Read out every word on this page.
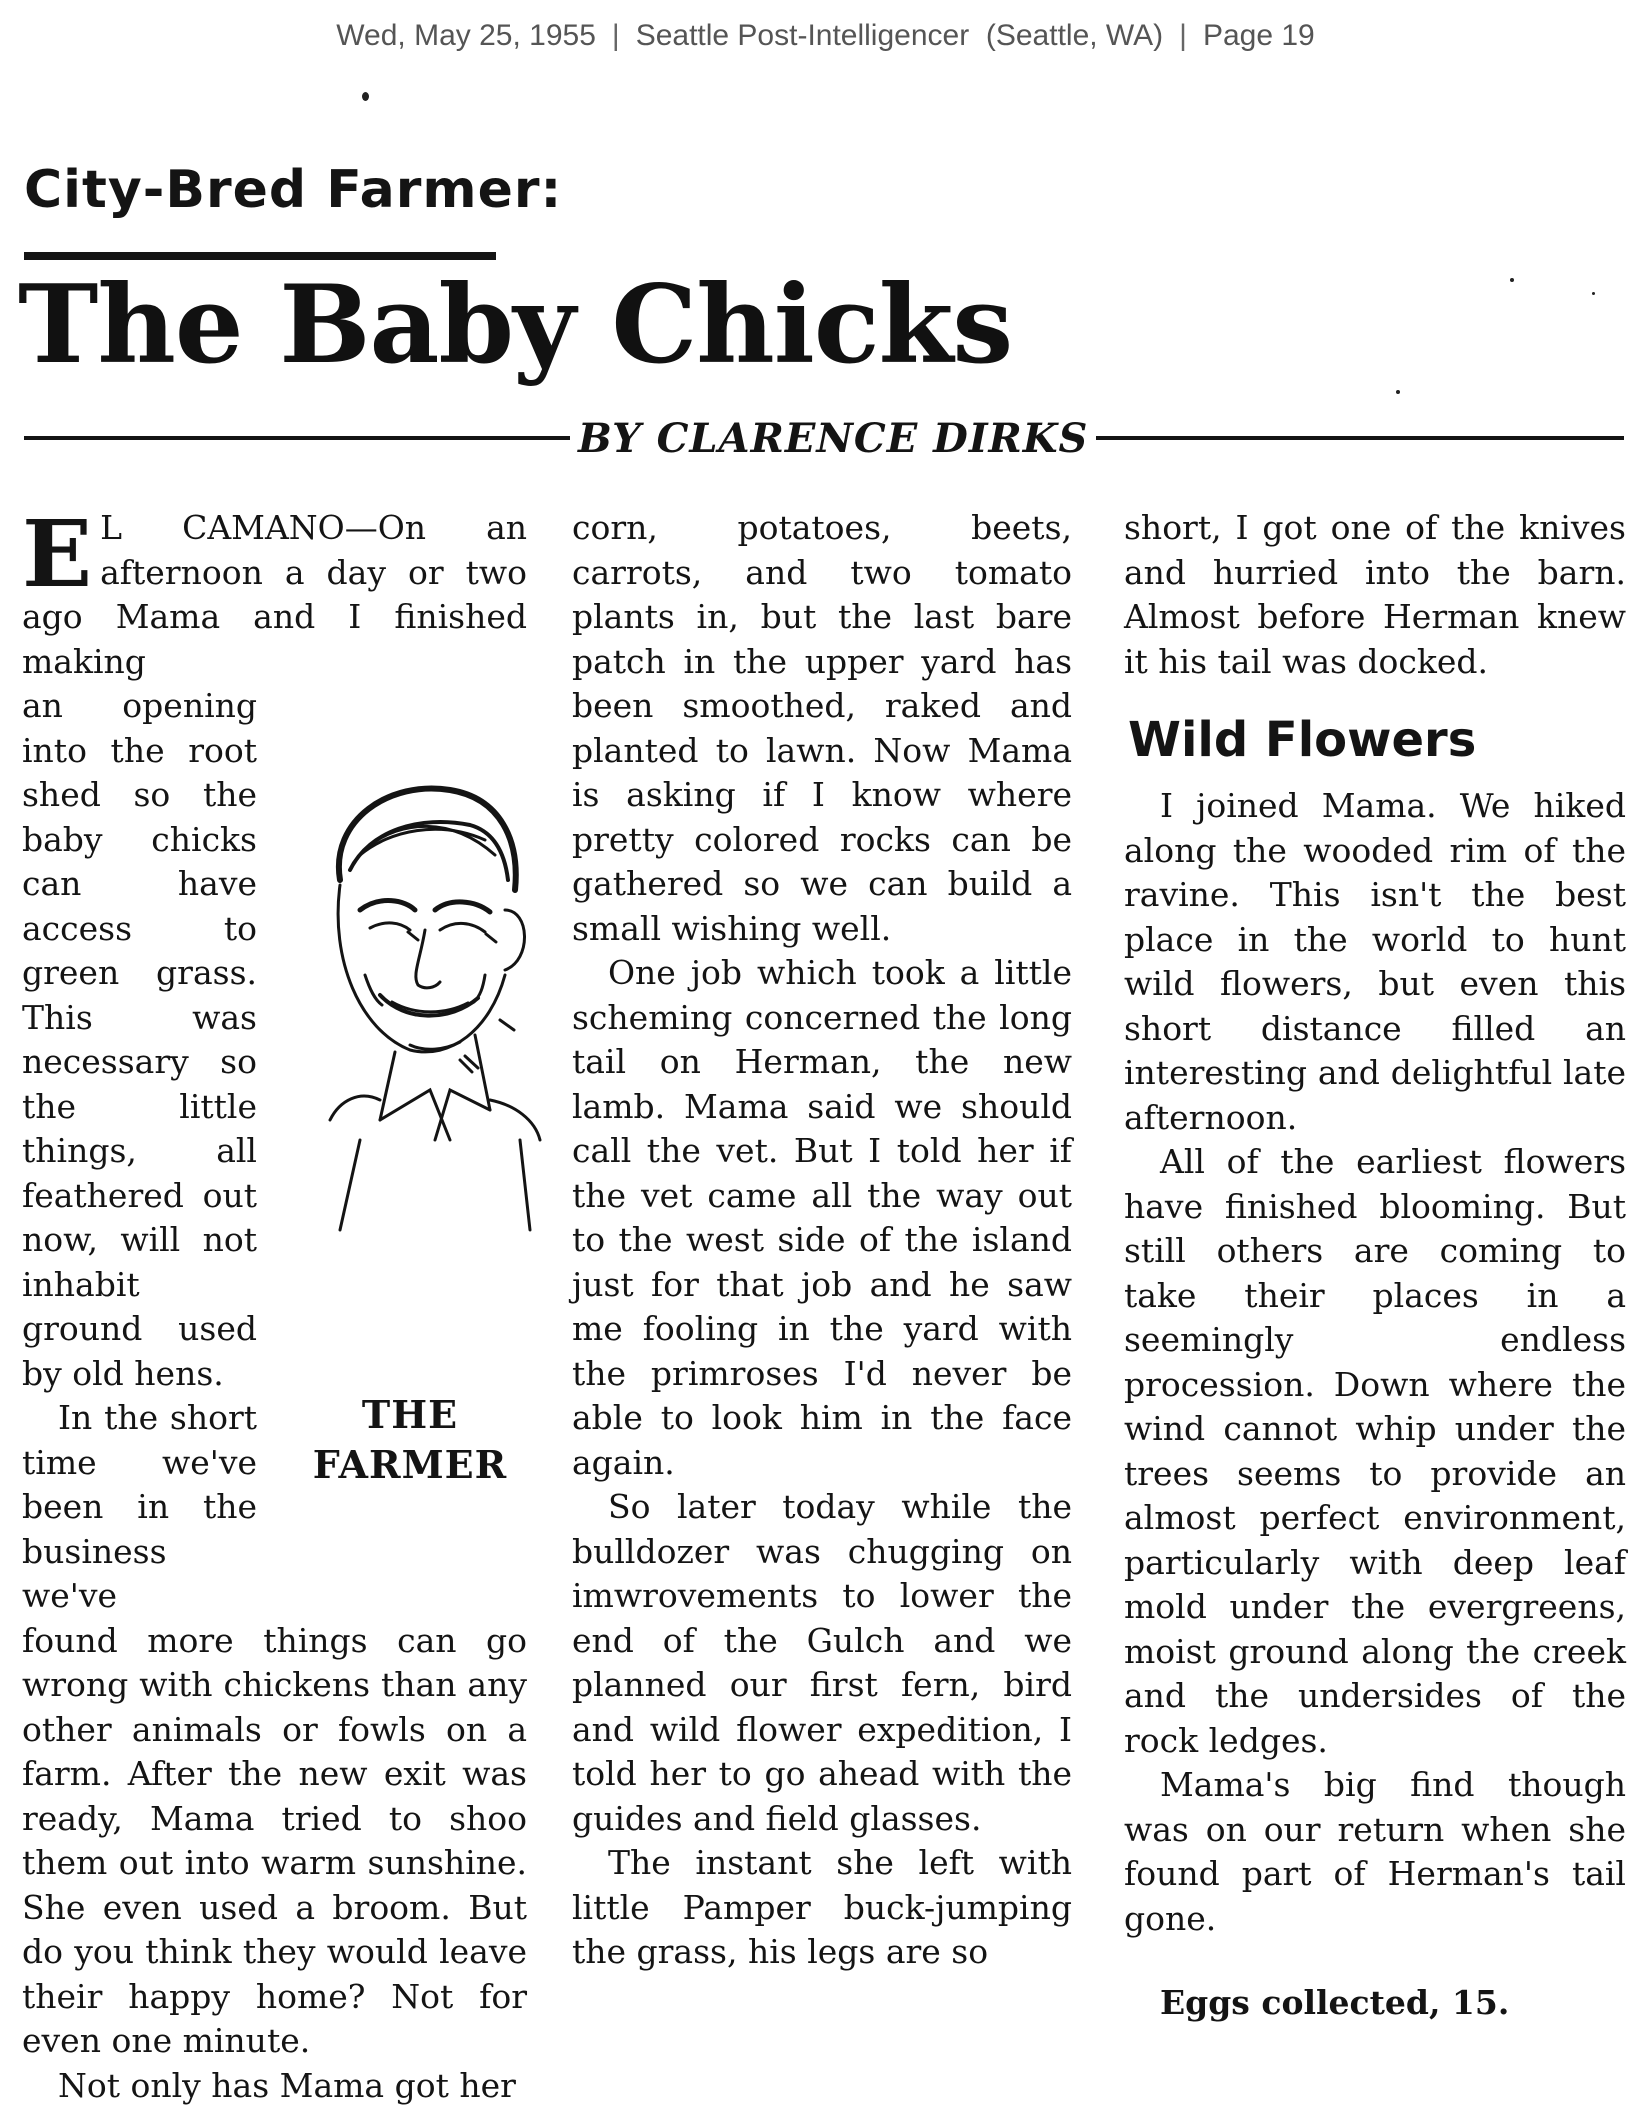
Wed, May 25, 1955 | Seattle Post-Intelligencer (Seattle, WA) | Page 19
City-Bred Farmer:
The Baby Chicks
BY CLARENCE DIRKS

E L CAMANO—On an afternoon a day or two ago Mama and I finished making

an opening into the root shed so the baby chicks can have access to green grass. This was necessary so the little things, all feathered out now, will not inhabit ground used by old hens.

In the short time we've been in the business we've

found more things can go wrong with chickens than any other animals or fowls on a farm. After the new exit was ready, Mama tried to shoo them out into warm sunshine. She even used a broom. But do you think they would leave their happy home? Not for even one minute.

Not only has Mama got her

THE
FARMER

corn, potatoes, beets, carrots, and two tomato plants in, but the last bare patch in the upper yard has been smoothed, raked and planted to lawn. Now Mama is asking if I know where pretty colored rocks can be gathered so we can build a small wishing well.

One job which took a little scheming concerned the long tail on Herman, the new lamb. Mama said we should call the vet. But I told her if the vet came all the way out to the west side of the island just for that job and he saw me fooling in the yard with the primroses I'd never be able to look him in the face again.

So later today while the bulldozer was chugging on imwrovements to lower the end of the Gulch and we planned our first fern, bird and wild flower expedition, I told her to go ahead with the guides and field glasses.

The instant she left with little Pamper buck-jumping the grass, his legs are so

short, I got one of the knives and hurried into the barn. Almost before Herman knew it his tail was docked.

Wild Flowers

I joined Mama. We hiked along the wooded rim of the ravine. This isn't the best place in the world to hunt wild flowers, but even this short distance filled an interesting and delightful late afternoon.

All of the earliest flowers have finished blooming. But still others are coming to take their places in a seemingly endless procession. Down where the wind cannot whip under the trees seems to provide an almost perfect environment, particularly with deep leaf mold under the evergreens, moist ground along the creek and the undersides of the rock ledges.

Mama's big find though was on our return when she found part of Herman's tail gone.

Eggs collected, 15.
